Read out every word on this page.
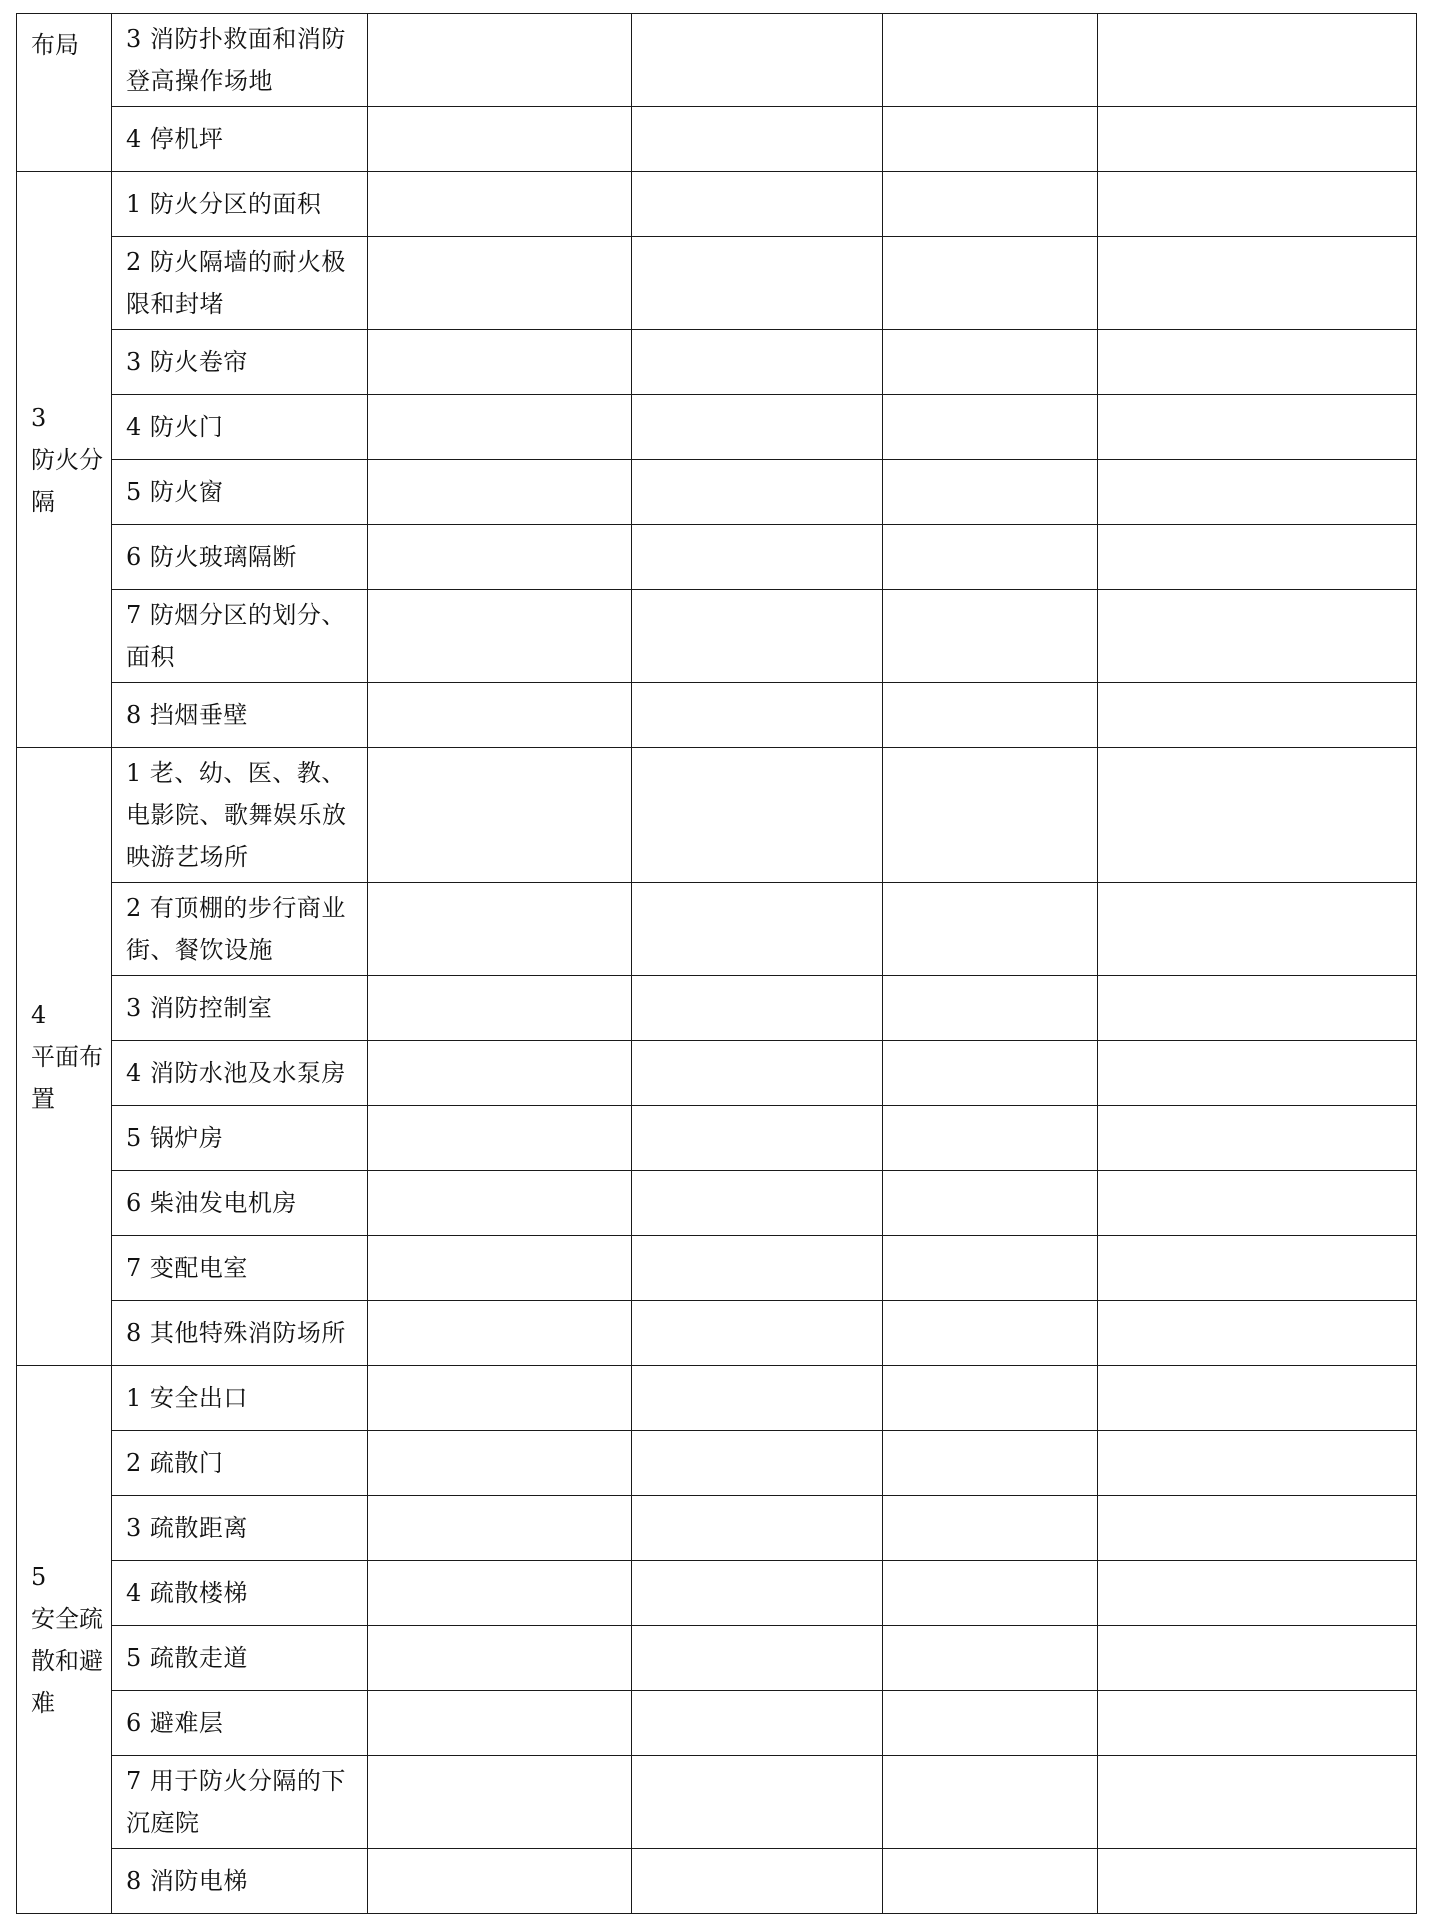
布局	3 消防扑救面和消防登高操作场地				
	4 停机坪				

3
防火分隔	1 防火分区的面积				
	2 防火隔墙的耐火极限和封堵				
	3 防火卷帘				
	4 防火门				
	5 防火窗				
	6 防火玻璃隔断				
	7 防烟分区的划分、面积				
	8 挡烟垂壁				

4
平面布置	1 老、幼、医、教、电影院、歌舞娱乐放映游艺场所				
	2 有顶棚的步行商业街、餐饮设施				
	3 消防控制室				
	4 消防水池及水泵房				
	5 锅炉房				
	6 柴油发电机房				
	7 变配电室				
	8 其他特殊消防场所				

5
安全疏散和避难	1 安全出口				
	2 疏散门				
	3 疏散距离				
	4 疏散楼梯				
	5 疏散走道				
	6 避难层				
	7 用于防火分隔的下沉庭院				
	8 消防电梯				
